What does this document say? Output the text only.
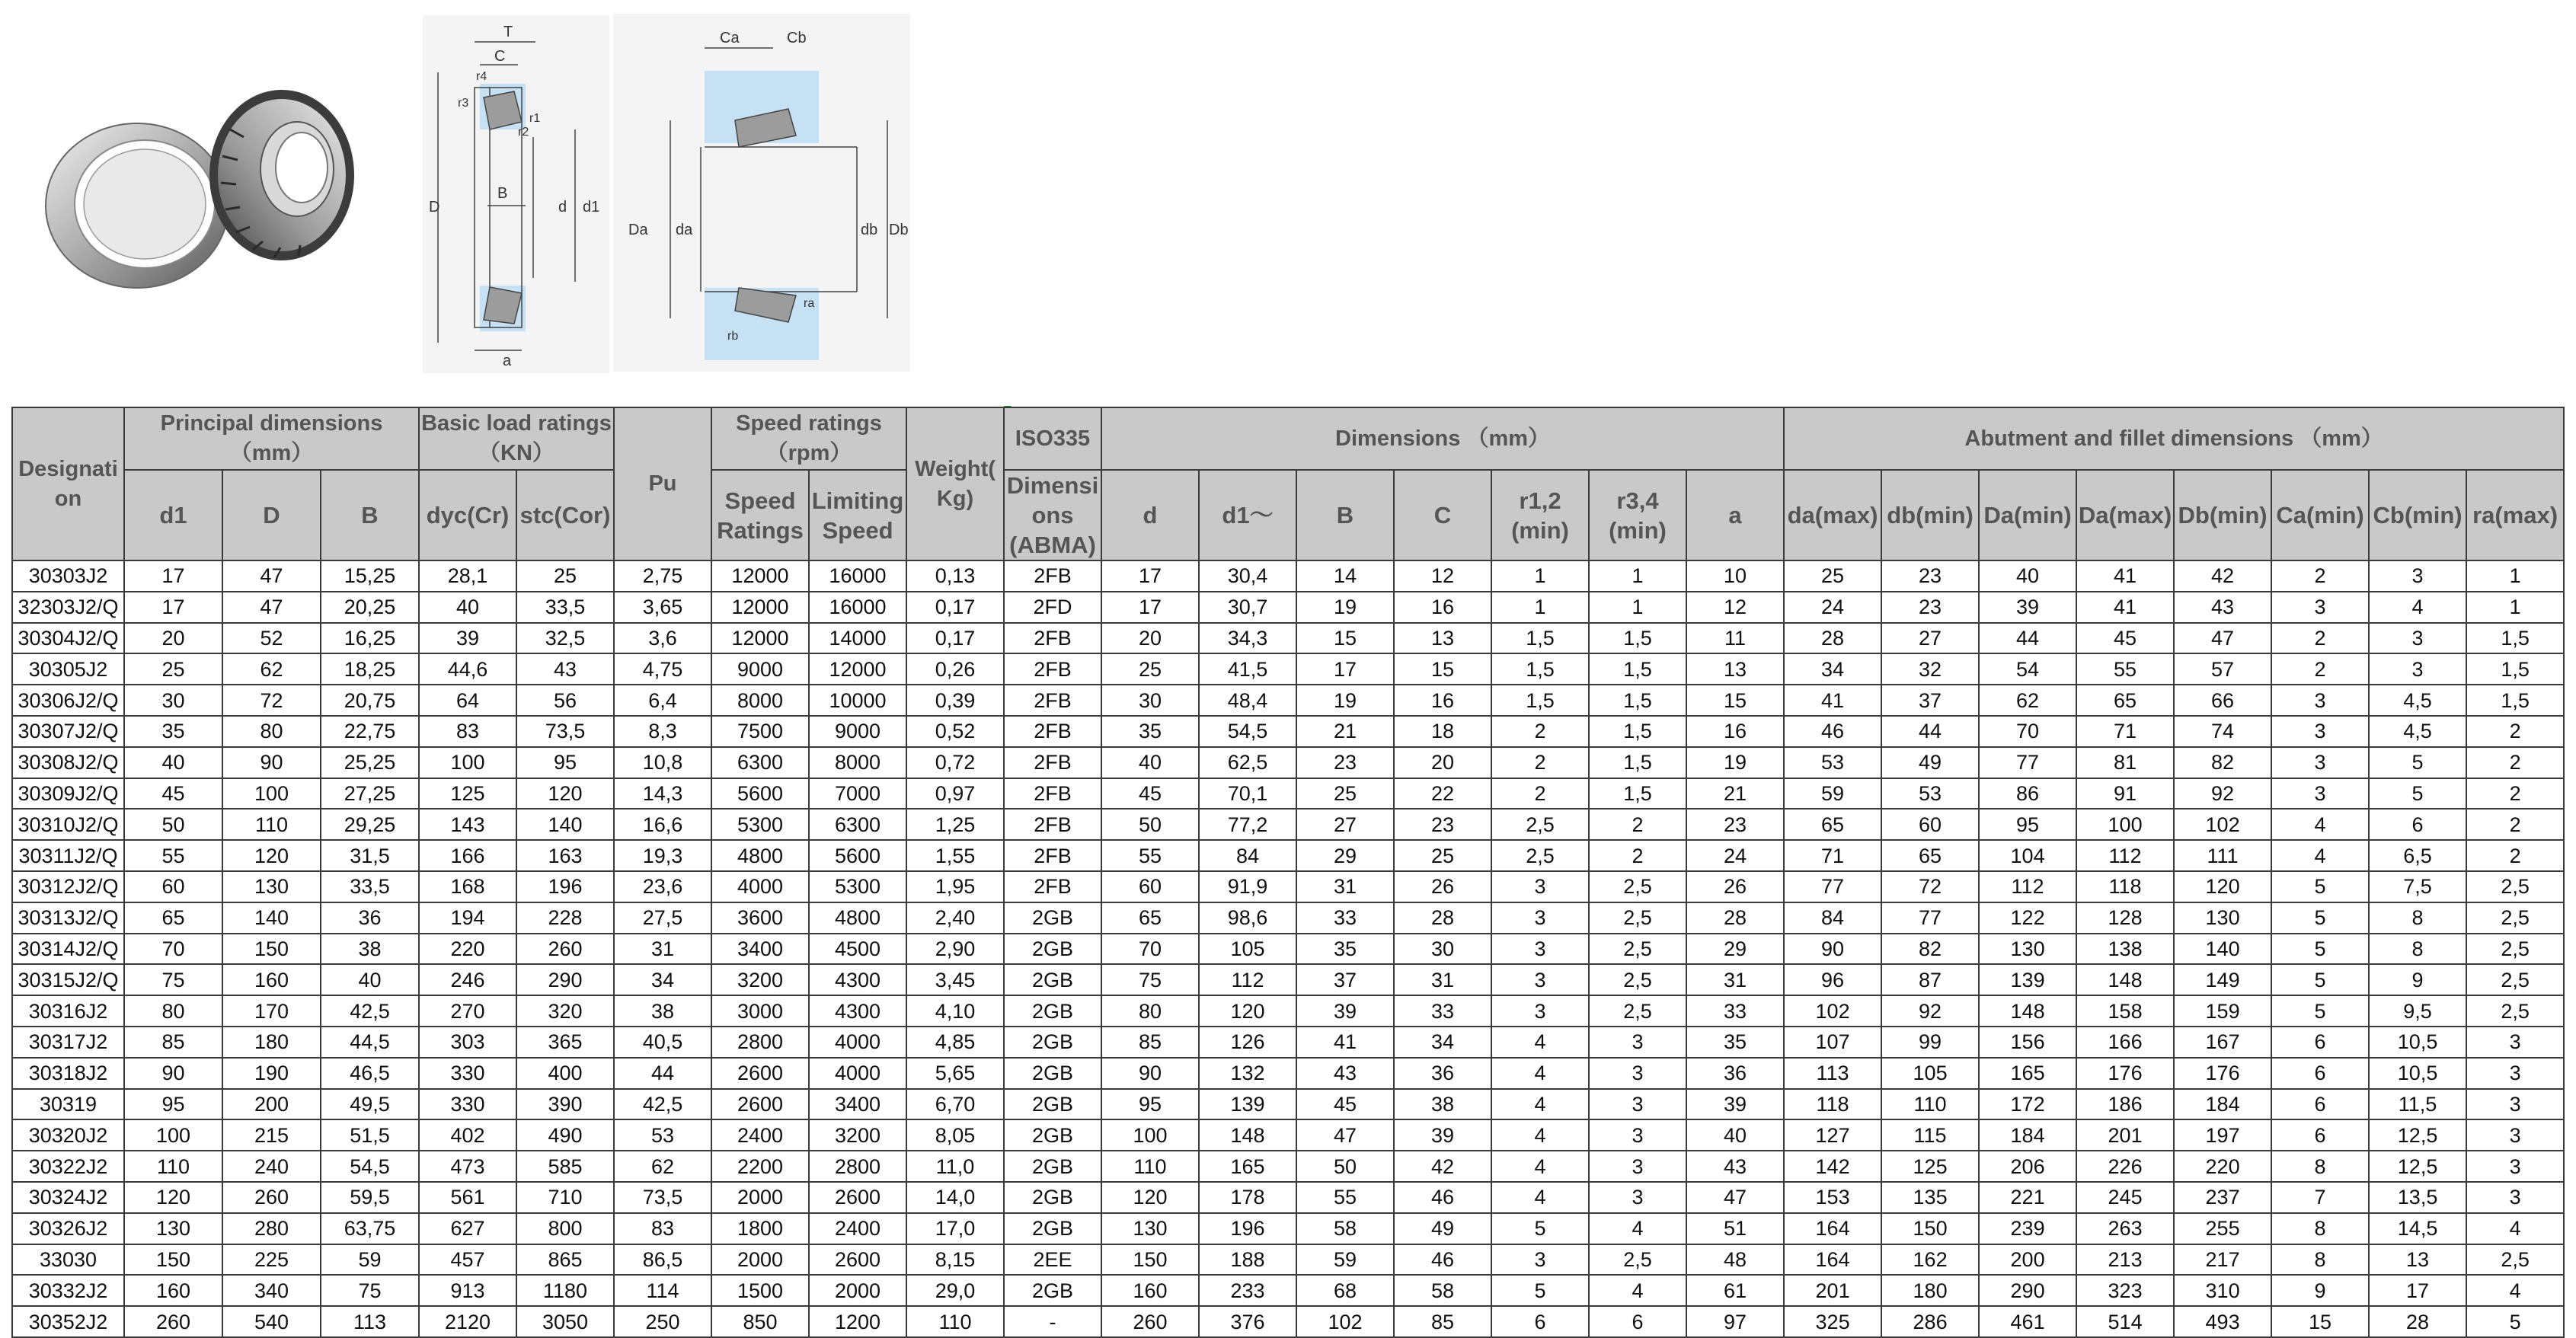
T
C
r4
r3
r1
r2
D
B
d d1
a
Ca	Cb
Da da	db Db
ra
rb
Designati on	Principal dimensions （mm）			Basic load ratings（KN）		Pu	Speed ratings （rpm）		Weight( Kg)	ISO335	Dimensions （mm）							Abutment and fillet dimensions （mm）							
	d1	D	B	dyc(Cr)	stc(Cor)		Speed Ratings	Limiting Speed		Dimensi ons (ABMA)	d	d1～	B	C	r1,2 (min)	r3,4 (min)	a	da(max)	db(min)	Da(min)	Da(max)	Db(min)	Ca(min)	Cb(min)	ra(max)
30303J2	17	47	15,25	28,1	25	2,75	12000	16000	0,13	2FB	17	30,4	14	12	1	1	10	25	23	40	41	42	2	3	1
32303J2/Q	17	47	20,25	40	33,5	3,65	12000	16000	0,17	2FD	17	30,7	19	16	1	1	12	24	23	39	41	43	3	4	1
30304J2/Q	20	52	16,25	39	32,5	3,6	12000	14000	0,17	2FB	20	34,3	15	13	1,5	1,5	11	28	27	44	45	47	2	3	1,5
30305J2	25	62	18,25	44,6	43	4,75	9000	12000	0,26	2FB	25	41,5	17	15	1,5	1,5	13	34	32	54	55	57	2	3	1,5
30306J2/Q	30	72	20,75	64	56	6,4	8000	10000	0,39	2FB	30	48,4	19	16	1,5	1,5	15	41	37	62	65	66	3	4,5	1,5
30307J2/Q	35	80	22,75	83	73,5	8,3	7500	9000	0,52	2FB	35	54,5	21	18	2	1,5	16	46	44	70	71	74	3	4,5	2
30308J2/Q	40	90	25,25	100	95	10,8	6300	8000	0,72	2FB	40	62,5	23	20	2	1,5	19	53	49	77	81	82	3	5	2
30309J2/Q	45	100	27,25	125	120	14,3	5600	7000	0,97	2FB	45	70,1	25	22	2	1,5	21	59	53	86	91	92	3	5	2
30310J2/Q	50	110	29,25	143	140	16,6	5300	6300	1,25	2FB	50	77,2	27	23	2,5	2	23	65	60	95	100	102	4	6	2
30311J2/Q	55	120	31,5	166	163	19,3	4800	5600	1,55	2FB	55	84	29	25	2,5	2	24	71	65	104	112	111	4	6,5	2
30312J2/Q	60	130	33,5	168	196	23,6	4000	5300	1,95	2FB	60	91,9	31	26	3	2,5	26	77	72	112	118	120	5	7,5	2,5
30313J2/Q	65	140	36	194	228	27,5	3600	4800	2,40	2GB	65	98,6	33	28	3	2,5	28	84	77	122	128	130	5	8	2,5
30314J2/Q	70	150	38	220	260	31	3400	4500	2,90	2GB	70	105	35	30	3	2,5	29	90	82	130	138	140	5	8	2,5
30315J2/Q	75	160	40	246	290	34	3200	4300	3,45	2GB	75	112	37	31	3	2,5	31	96	87	139	148	149	5	9	2,5
30316J2	80	170	42,5	270	320	38	3000	4300	4,10	2GB	80	120	39	33	3	2,5	33	102	92	148	158	159	5	9,5	2,5
30317J2	85	180	44,5	303	365	40,5	2800	4000	4,85	2GB	85	126	41	34	4	3	35	107	99	156	166	167	6	10,5	3
30318J2	90	190	46,5	330	400	44	2600	4000	5,65	2GB	90	132	43	36	4	3	36	113	105	165	176	176	6	10,5	3
30319	95	200	49,5	330	390	42,5	2600	3400	6,70	2GB	95	139	45	38	4	3	39	118	110	172	186	184	6	11,5	3
30320J2	100	215	51,5	402	490	53	2400	3200	8,05	2GB	100	148	47	39	4	3	40	127	115	184	201	197	6	12,5	3
30322J2	110	240	54,5	473	585	62	2200	2800	11,0	2GB	110	165	50	42	4	3	43	142	125	206	226	220	8	12,5	3
30324J2	120	260	59,5	561	710	73,5	2000	2600	14,0	2GB	120	178	55	46	4	3	47	153	135	221	245	237	7	13,5	3
30326J2	130	280	63,75	627	800	83	1800	2400	17,0	2GB	130	196	58	49	5	4	51	164	150	239	263	255	8	14,5	4
33030	150	225	59	457	865	86,5	2000	2600	8,15	2EE	150	188	59	46	3	2,5	48	164	162	200	213	217	8	13	2,5
30332J2	160	340	75	913	1180	114	1500	2000	29,0	2GB	160	233	68	58	5	4	61	201	180	290	323	310	9	17	4
30352J2	260	540	113	2120	3050	250	850	1200	110	-	260	376	102	85	6	6	97	325	286	461	514	493	15	28	5
